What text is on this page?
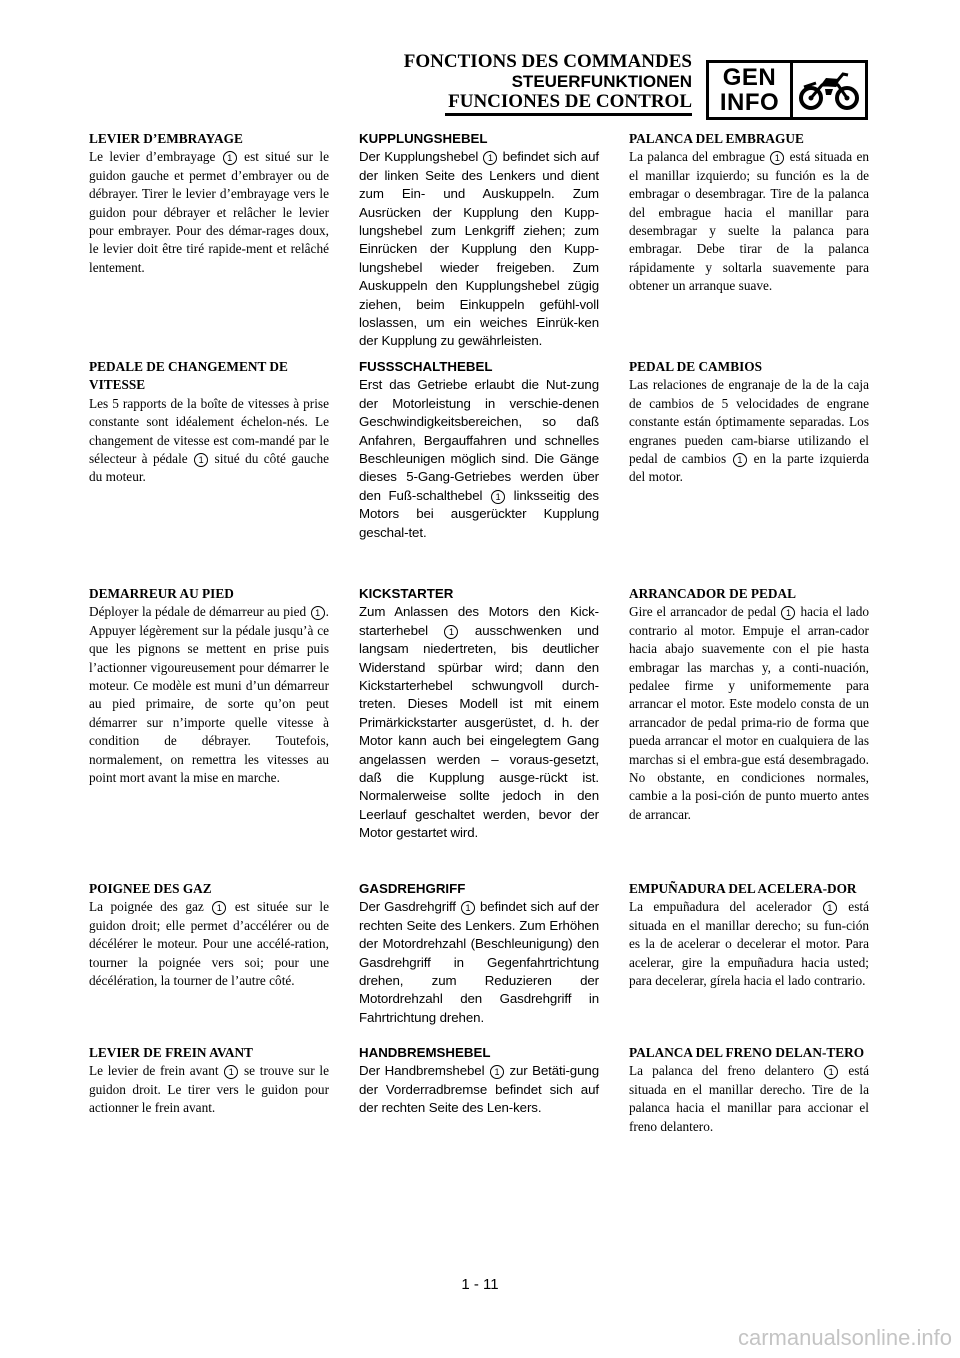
FONCTIONS DES COMMANDES
STEUERFUNKTIONEN
FUNCIONES DE CONTROL
GEN
INFO
LEVIER D’EMBRAYAGE
Le levier d’embrayage 1 est situé sur le guidon gauche et permet d’embrayer ou de débrayer. Tirer le levier d’embrayage vers le guidon pour débrayer et relâcher le levier pour embrayer. Pour des démar-rages doux, le levier doit être tiré rapide-ment et relâché lentement.
PEDALE DE CHANGEMENT DE VITESSE
Les 5 rapports de la boîte de vitesses à prise constante sont idéalement échelon-nés. Le changement de vitesse est com-mandé par le sélecteur à pédale 1 situé du côté gauche du moteur.
DEMARREUR AU PIED
Déployer la pédale de démarreur au pied 1 . Appuyer légèrement sur la pédale jusqu’à ce que les pignons se mettent en prise puis l’actionner vigoureusement pour démarrer le moteur. Ce modèle est muni d’un démarreur au pied primaire, de sorte qu’on peut démarrer sur n’importe quelle vitesse à condition de débrayer. Toutefois, normalement, on remettra les vitesses au point mort avant la mise en marche.
POIGNEE DES GAZ
La poignée des gaz 1 est située sur le guidon droit; elle permet d’accélérer ou de décélérer le moteur. Pour une accélé-ration, tourner la poignée vers soi; pour une décélération, la tourner de l’autre côté.
LEVIER DE FREIN AVANT
Le levier de frein avant 1 se trouve sur le guidon droit. Le tirer vers le guidon pour actionner le frein avant.
KUPPLUNGSHEBEL
Der Kupplungshebel 1 befindet sich auf der linken Seite des Lenkers und dient zum Ein- und Auskuppeln. Zum Ausrücken der Kupplung den Kupp-lungshebel zum Lenkgriff ziehen; zum Einrücken der Kupplung den Kupp-lungshebel wieder freigeben. Zum Auskuppeln den Kupplungshebel zügig ziehen, beim Einkuppeln gefühl-voll loslassen, um ein weiches Einrük-ken der Kupplung zu gewährleisten.
FUSSSCHALTHEBEL
Erst das Getriebe erlaubt die Nut-zung der Motorleistung in verschie-denen Geschwindigkeitsbereichen, so daß Anfahren, Bergauffahren und schnelles Beschleunigen möglich sind. Die Gänge dieses 5-Gang-Getriebes werden über den Fuß-schalthebel 1 linksseitig des Motors bei ausgerückter Kupplung geschal-tet.
KICKSTARTER
Zum Anlassen des Motors den Kick-starterhebel 1 ausschwenken und langsam niedertreten, bis deutlicher Widerstand spürbar wird; dann den Kickstarterhebel schwungvoll durch-treten. Dieses Modell ist mit einem Primärkickstarter ausgerüstet, d. h. der Motor kann auch bei eingelegtem Gang angelassen werden – voraus-gesetzt, daß die Kupplung ausge-rückt ist. Normalerweise sollte jedoch in den Leerlauf geschaltet werden, bevor der Motor gestartet wird.
GASDREHGRIFF
Der Gasdrehgriff 1 befindet sich auf der rechten Seite des Lenkers. Zum Erhöhen der Motordrehzahl (Beschleunigung) den Gasdrehgriff in Gegenfahrtrichtung drehen, zum Reduzieren der Motordrehzahl den Gasdrehgriff in Fahrtrichtung drehen.
HANDBREMSHEBEL
Der Handbremshebel 1 zur Betäti-gung der Vorderradbremse befindet sich auf der rechten Seite des Len-kers.
PALANCA DEL EMBRAGUE
La palanca del embrague 1 está situada en el manillar izquierdo; su función es la de embragar o desembragar. Tire de la palanca del embrague hacia el manillar para desembragar y suelte la palanca para embragar. Debe tirar de la palanca rápidamente y soltarla suavemente para obtener un arranque suave.
PEDAL DE CAMBIOS
Las relaciones de engranaje de la de la caja de cambios de 5 velocidades de engrane constante están óptimamente separadas. Los engranes pueden cam-biarse utilizando el pedal de cambios 1 en la parte izquierda del motor.
ARRANCADOR DE PEDAL
Gire el arrancador de pedal 1 hacia el lado contrario al motor. Empuje el arran-cador hacia abajo suavemente con el pie hasta embragar las marchas y, a conti-nuación, pedalee firme y uniformemente para arrancar el motor. Este modelo consta de un arrancador de pedal prima-rio de forma que pueda arrancar el motor en cualquiera de las marchas si el embra-gue está desembragado. No obstante, en condiciones normales, cambie a la posi-ción de punto muerto antes de arrancar.
EMPUÑADURA DEL ACELERA-DOR
La empuñadura del acelerador 1 está situada en el manillar derecho; su fun-ción es la de acelerar o decelerar el motor. Para acelerar, gire la empuñadura hacia usted; para decelerar, gírela hacia el lado contrario.
PALANCA DEL FRENO DELAN-TERO
La palanca del freno delantero 1 está situada en el manillar derecho. Tire de la palanca hacia el manillar para accionar el freno delantero.
1 - 11
carmanualsonline.info
